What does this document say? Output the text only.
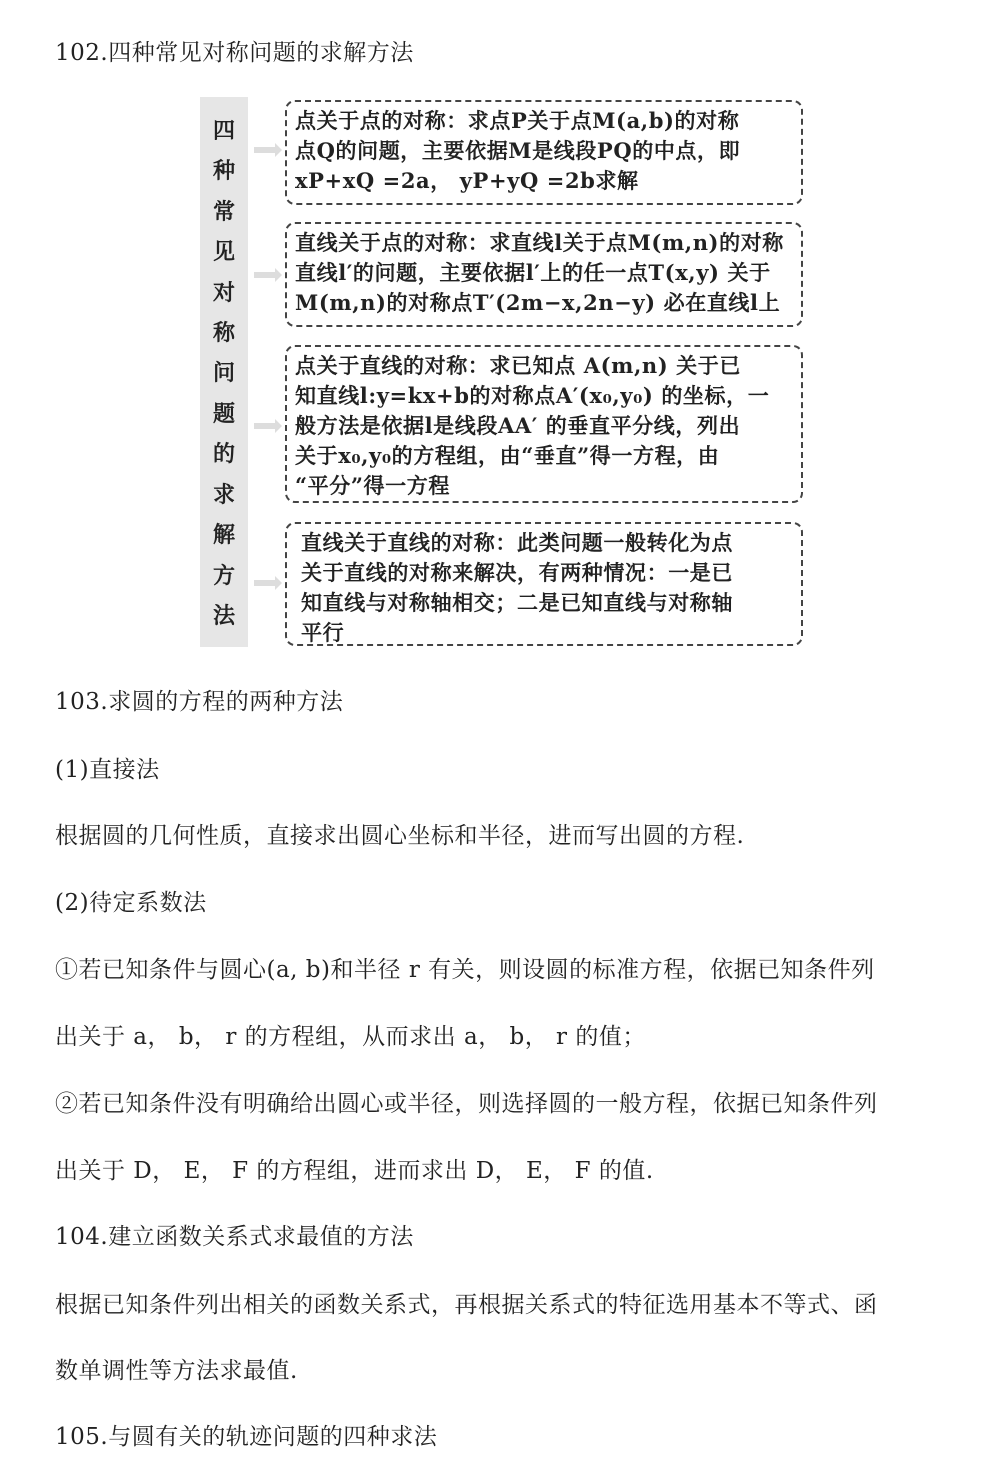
102.四种常见对称问题的求解方法
四
种
常
见
对
称
问
题
的
求
解
方
法
点关于点的对称：求点P关于点M(a,b)的对称
点Q的问题，主要依据M是线段PQ的中点，即
xP+xQ =2a， yP+yQ =2b求解
直线关于点的对称：求直线l关于点M(m,n)的对称
直线l′的问题，主要依据l′上的任一点T(x,y) 关于
M(m,n)的对称点T′(2m−x,2n−y) 必在直线l上
点关于直线的对称：求已知点 A(m,n) 关于已
知直线l:y=kx+b的对称点A′(x₀,y₀) 的坐标，一
般方法是依据l是线段AA′ 的垂直平分线，列出
关于x₀,y₀的方程组，由“垂直”得一方程，由
“平分”得一方程
直线关于直线的对称：此类问题一般转化为点
关于直线的对称来解决，有两种情况：一是已
知直线与对称轴相交；二是已知直线与对称轴
平行
103.求圆的方程的两种方法
(1)直接法
根据圆的几何性质，直接求出圆心坐标和半径，进而写出圆的方程.
(2)待定系数法
①若已知条件与圆心(a, b)和半径 r 有关，则设圆的标准方程，依据已知条件列
出关于 a， b， r 的方程组，从而求出 a， b， r 的值；
②若已知条件没有明确给出圆心或半径，则选择圆的一般方程，依据已知条件列
出关于 D， E， F 的方程组，进而求出 D， E， F 的值.
104.建立函数关系式求最值的方法
根据已知条件列出相关的函数关系式，再根据关系式的特征选用基本不等式、函
数单调性等方法求最值.
105.与圆有关的轨迹问题的四种求法
